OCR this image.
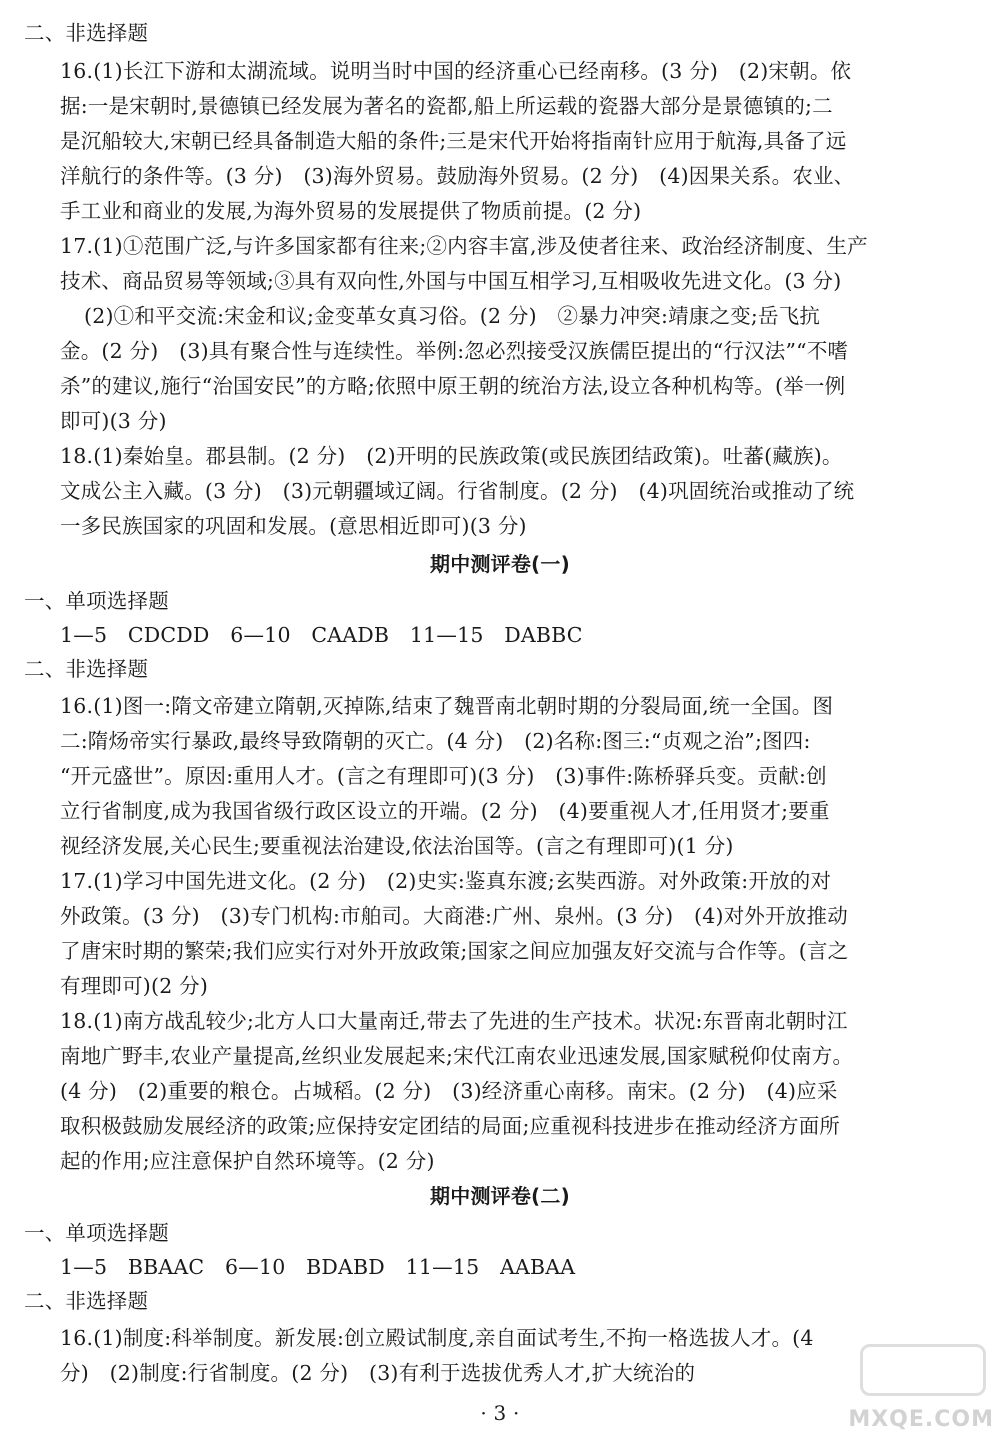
二、非选择题
16.(1)长江下游和太湖流域。说明当时中国的经济重心已经南移。(3 分)　(2)宋朝。依
据:一是宋朝时,景德镇已经发展为著名的瓷都,船上所运载的瓷器大部分是景德镇的;二
是沉船较大,宋朝已经具备制造大船的条件;三是宋代开始将指南针应用于航海,具备了远
洋航行的条件等。(3 分)　(3)海外贸易。鼓励海外贸易。(2 分)　(4)因果关系。农业、
手工业和商业的发展,为海外贸易的发展提供了物质前提。(2 分)
17.(1)①范围广泛,与许多国家都有往来;②内容丰富,涉及使者往来、政治经济制度、生产
技术、商品贸易等领域;③具有双向性,外国与中国互相学习,互相吸收先进文化。(3 分)
(2)①和平交流:宋金和议;金变革女真习俗。(2 分)　②暴力冲突:靖康之变;岳飞抗
金。(2 分)　(3)具有聚合性与连续性。举例:忽必烈接受汉族儒臣提出的“行汉法”“不嗜
杀”的建议,施行“治国安民”的方略;依照中原王朝的统治方法,设立各种机构等。(举一例
即可)(3 分)
18.(1)秦始皇。郡县制。(2 分)　(2)开明的民族政策(或民族团结政策)。吐蕃(藏族)。
文成公主入藏。(3 分)　(3)元朝疆域辽阔。行省制度。(2 分)　(4)巩固统治或推动了统
一多民族国家的巩固和发展。(意思相近即可)(3 分)
期中测评卷(一)
一、单项选择题
1—5　CDCDD　6—10　CAADB　11—15　DABBC
二、非选择题
16.(1)图一:隋文帝建立隋朝,灭掉陈,结束了魏晋南北朝时期的分裂局面,统一全国。图
二:隋炀帝实行暴政,最终导致隋朝的灭亡。(4 分)　(2)名称:图三:“贞观之治”;图四:
“开元盛世”。原因:重用人才。(言之有理即可)(3 分)　(3)事件:陈桥驿兵变。贡献:创
立行省制度,成为我国省级行政区设立的开端。(2 分)　(4)要重视人才,任用贤才;要重
视经济发展,关心民生;要重视法治建设,依法治国等。(言之有理即可)(1 分)
17.(1)学习中国先进文化。(2 分)　(2)史实:鉴真东渡;玄奘西游。对外政策:开放的对
外政策。(3 分)　(3)专门机构:市舶司。大商港:广州、泉州。(3 分)　(4)对外开放推动
了唐宋时期的繁荣;我们应实行对外开放政策;国家之间应加强友好交流与合作等。(言之
有理即可)(2 分)
18.(1)南方战乱较少;北方人口大量南迁,带去了先进的生产技术。状况:东晋南北朝时江
南地广野丰,农业产量提高,丝织业发展起来;宋代江南农业迅速发展,国家赋税仰仗南方。
(4 分)　(2)重要的粮仓。占城稻。(2 分)　(3)经济重心南移。南宋。(2 分)　(4)应采
取积极鼓励发展经济的政策;应保持安定团结的局面;应重视科技进步在推动经济方面所
起的作用;应注意保护自然环境等。(2 分)
期中测评卷(二)
一、单项选择题
1—5　BBAAC　6—10　BDABD　11—15　AABAA
二、非选择题
16.(1)制度:科举制度。新发展:创立殿试制度,亲自面试考生,不拘一格选拔人才。(4
分)　(2)制度:行省制度。(2 分)　(3)有利于选拔优秀人才,扩大统治的
· 3 ·	MXQE.COM
